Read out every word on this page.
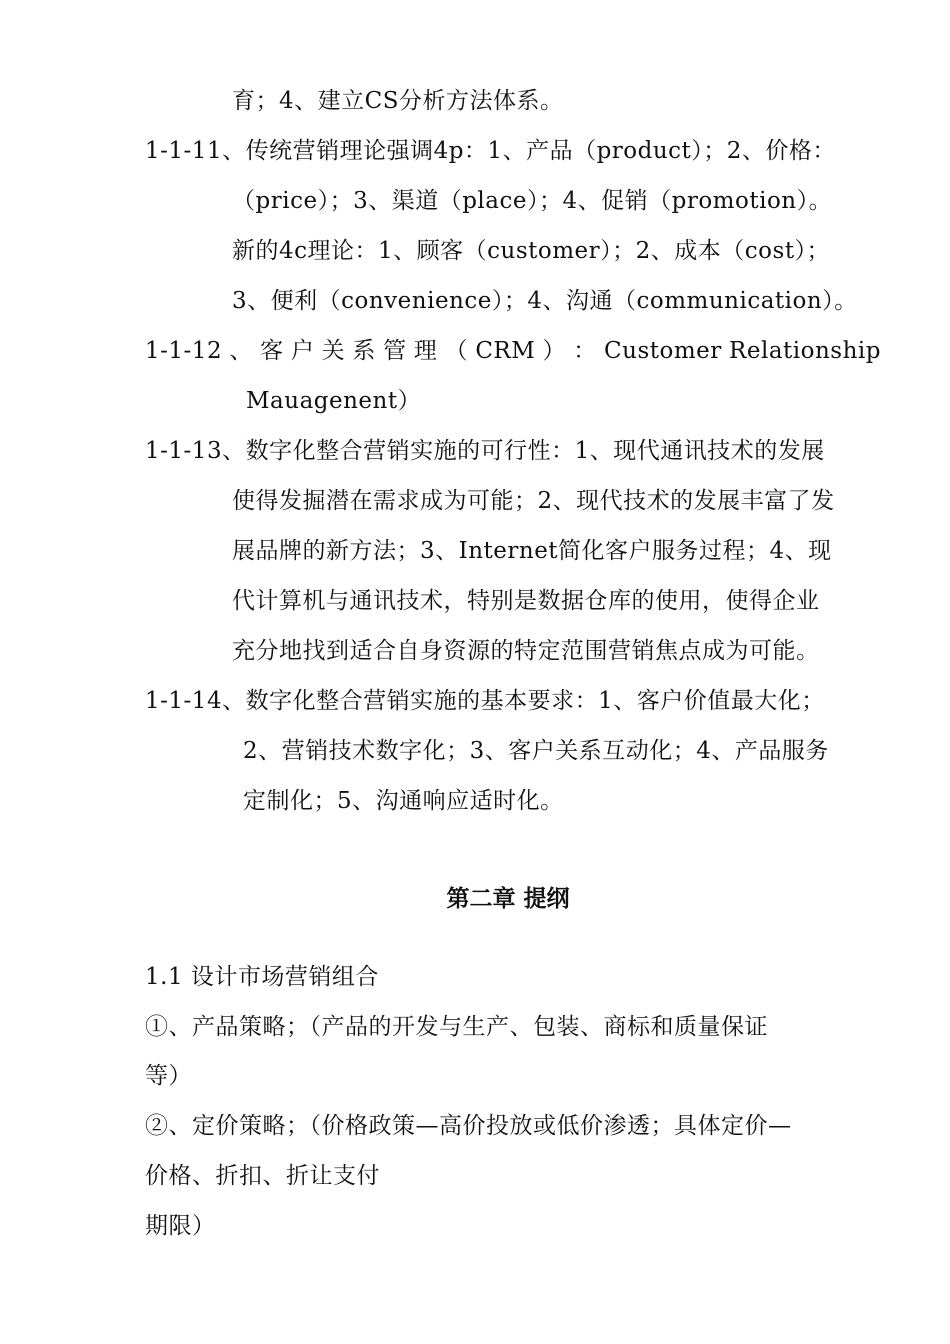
育；4、建立CS分析方法体系。
1-1-11、传统营销理论强调4p：1、产品（product）；2、价格：
（price）；3、渠道（place）；4、促销（promotion）。
新的4c理论：1、顾客（customer）；2、成本（cost）；
3、便利（convenience）；4、沟通（communication）。
1-1-12 、 客 户 关 系 管 理 （ CRM ） ： Customer Relationship
Mauagenent）
1-1-13、数字化整合营销实施的可行性：1、现代通讯技术的发展
使得发掘潜在需求成为可能；2、现代技术的发展丰富了发
展品牌的新方法；3、Internet简化客户服务过程；4、现
代计算机与通讯技术，特别是数据仓库的使用，使得企业
充分地找到适合自身资源的特定范围营销焦点成为可能。
1-1-14、数字化整合营销实施的基本要求：1、客户价值最大化；
2、营销技术数字化；3、客户关系互动化；4、产品服务
定制化；5、沟通响应适时化。
第二章 提纲
1.1 设计市场营销组合
①、产品策略；（产品的开发与生产、包装、商标和质量保证
等）
②、定价策略；（价格政策—高价投放或低价渗透；具体定价—
价格、折扣、折让支付
期限）
